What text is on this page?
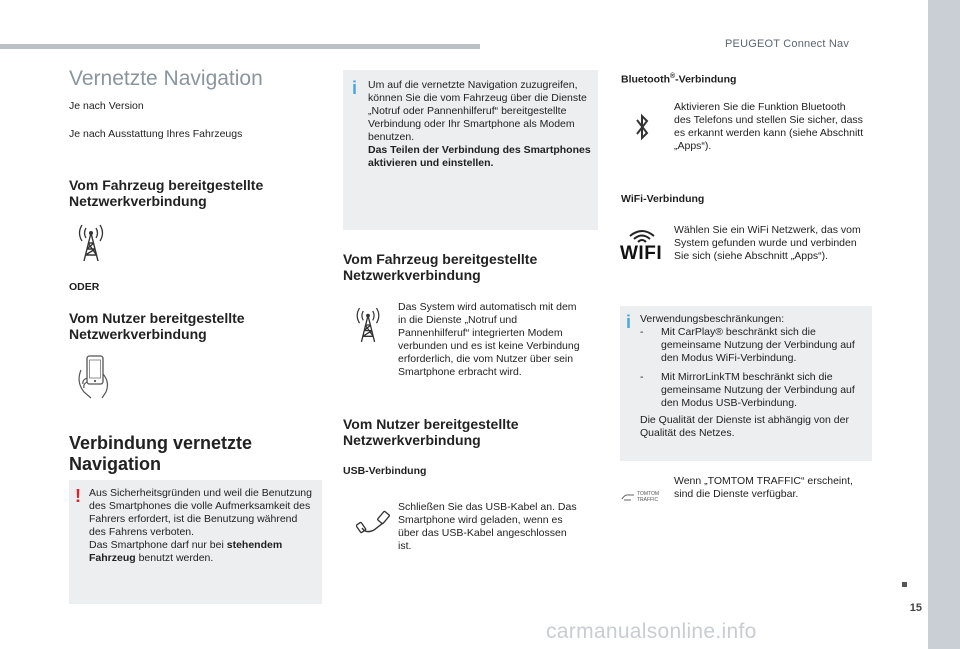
PEUGEOT Connect Nav
15
carmanualsonline.info
Vernetzte Navigation
Je nach Version
Je nach Ausstattung Ihres Fahrzeugs
Vom Fahrzeug bereitgestellte Netzwerkverbindung
ODER
Vom Nutzer bereitgestellte Netzwerkverbindung
Verbindung vernetzte Navigation
! Aus Sicherheitsgründen und weil die Benutzung des Smartphones die volle Aufmerksamkeit des Fahrers erfordert, ist die Benutzung während des Fahrens verboten.
Das Smartphone darf nur bei stehendem Fahrzeug benutzt werden.
i Um auf die vernetzte Navigation zuzugreifen, können Sie die vom Fahrzeug über die Dienste „Notruf oder Pannenhilferuf“ bereitgestellte Verbindung oder Ihr Smartphone als Modem benutzen.
Das Teilen der Verbindung des Smartphones aktivieren und einstellen.
Vom Fahrzeug bereitgestellte Netzwerkverbindung
Das System wird automatisch mit dem in die Dienste „Notruf und Pannenhilferuf“ integrierten Modem verbunden und es ist keine Verbindung erforderlich, die vom Nutzer über sein Smartphone erbracht wird.
Vom Nutzer bereitgestellte Netzwerkverbindung
USB-Verbindung
Schließen Sie das USB-Kabel an. Das Smartphone wird geladen, wenn es über das USB-Kabel angeschlossen ist.
Bluetooth®-Verbindung
Aktivieren Sie die Funktion Bluetooth des Telefons und stellen Sie sicher, dass es erkannt werden kann (siehe Abschnitt „Apps“).
WiFi-Verbindung
WIFI
Wählen Sie ein WiFi Netzwerk, das vom System gefunden wurde und verbinden Sie sich (siehe Abschnitt „Apps“).
i Verwendungsbeschränkungen:
-	Mit CarPlay® beschränkt sich die gemeinsame Nutzung der Verbindung auf den Modus WiFi-Verbindung.
-	Mit MirrorLinkTM beschränkt sich die gemeinsame Nutzung der Verbindung auf den Modus USB-Verbindung.
Die Qualität der Dienste ist abhängig von der Qualität des Netzes.
TOMTOM
TRAFFIC
Wenn „TOMTOM TRAFFIC“ erscheint, sind die Dienste verfügbar.
